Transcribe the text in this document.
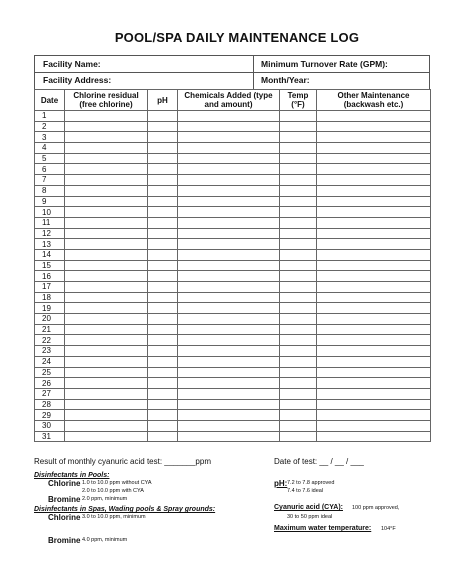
POOL/SPA DAILY MAINTENANCE LOG
Facility Name:	Minimum Turnover Rate (GPM):
Facility Address:	Month/Year:
Date	Chlorine residual (free chlorine)	pH	Chemicals Added (type and amount)	Temp (°F)	Other Maintenance (backwash etc.)
1					
2					
3					
4					
5					
6					
7					
8					
9					
10					
11					
12					
13					
14					
15					
16					
17					
18					
19					
20					
21					
22					
23					
24					
25					
26					
27					
28					
29					
30					
31					
Result of monthly cyanuric acid test: _______ppm	Date of test: __ / __ / ___
Disinfectants in Pools:
Chlorine 1.0 to 10.0 ppm without CYA	pH: 7.2 to 7.8 approved
2.0 to 10.0 ppm with CYA	7.4 to 7.6 ideal
Bromine 2.0 ppm, minimum
Disinfectants in Spas, Wading pools & Spray grounds:	Cyanuric acid (CYA): 100 ppm approved,
Chlorine 3.0 to 10.0 ppm, minimum	30 to 50 ppm ideal
Maximum water temperature: 104°F
Bromine 4.0 ppm, minimum
